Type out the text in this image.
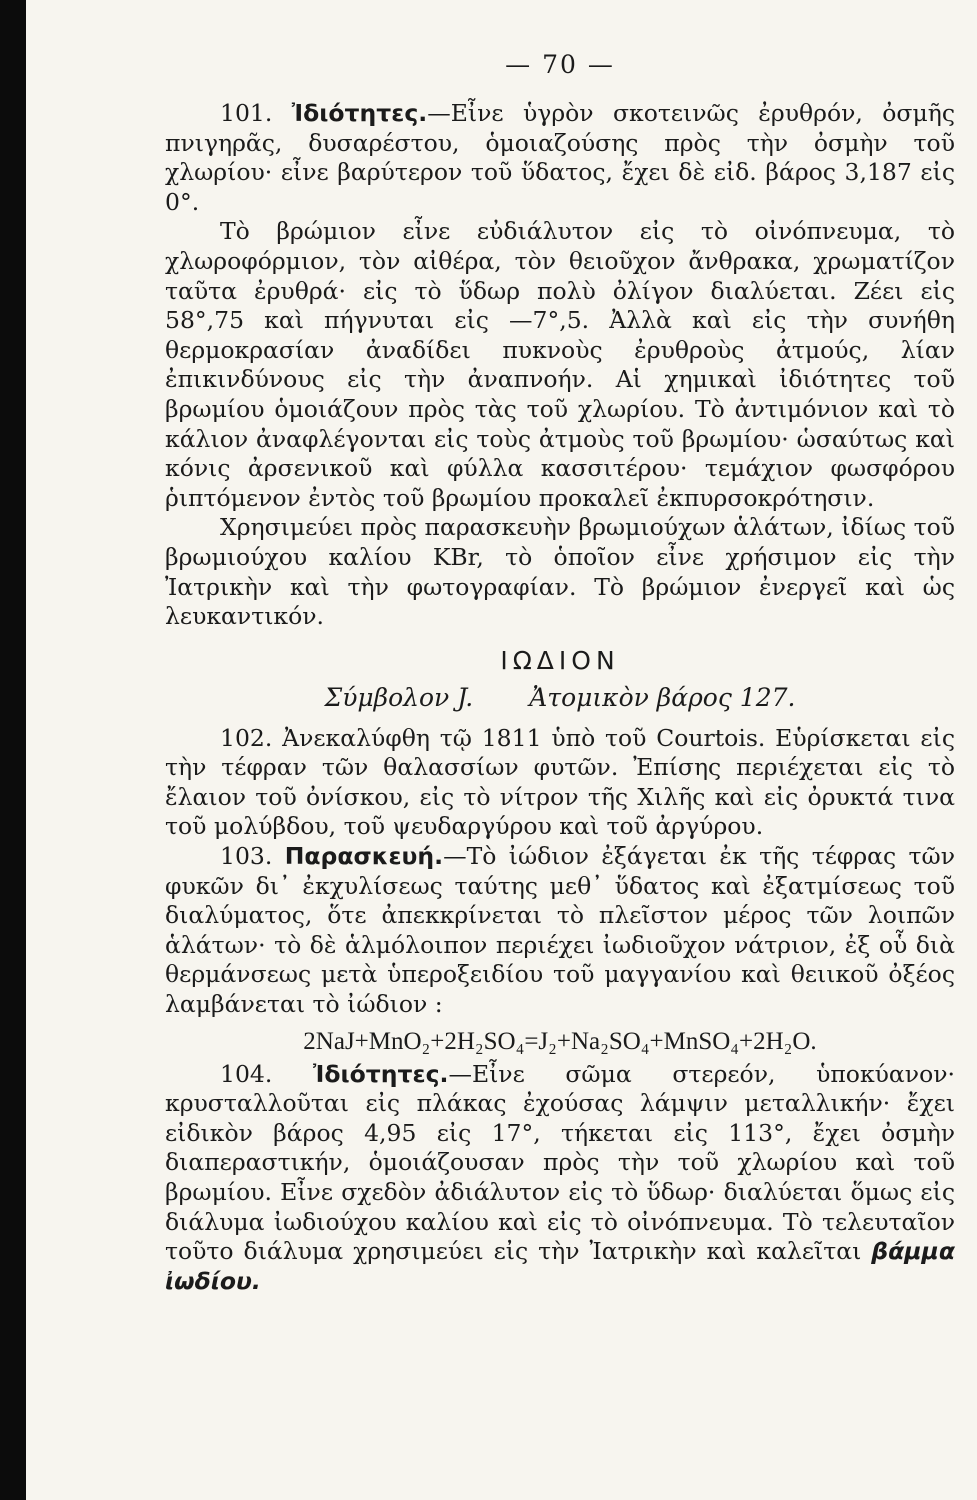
— 70 —

101. Ἰδιότητες.—Εἶνε ὑγρὸν σκοτεινῶς ἐρυθρόν, ὀσμῆς πνιγηρᾶς, δυσαρέστου, ὁμοιαζούσης πρὸς τὴν ὀσμὴν τοῦ χλωρίου· εἶνε βαρύτερον τοῦ ὕδατος, ἔχει δὲ εἰδ. βάρος 3,187 εἰς 0°.

Τὸ βρώμιον εἶνε εὐδιάλυτον εἰς τὸ οἰνόπνευμα, τὸ χλωροφόρμιον, τὸν αἰθέρα, τὸν θειοῦχον ἄνθρακα, χρωματίζον ταῦτα ἐρυθρά· εἰς τὸ ὕδωρ πολὺ ὀλίγον διαλύεται. Ζέει εἰς 58°,75 καὶ πήγνυται εἰς —7°,5. Ἀλλὰ καὶ εἰς τὴν συνήθη θερμοκρασίαν ἀναδίδει πυκνοὺς ἐρυθροὺς ἀτμούς, λίαν ἐπικινδύνους εἰς τὴν ἀναπνοήν. Αἱ χημικαὶ ἰδιότητες τοῦ βρωμίου ὁμοιάζουν πρὸς τὰς τοῦ χλωρίου. Τὸ ἀντιμόνιον καὶ τὸ κάλιον ἀναφλέγονται εἰς τοὺς ἀτμοὺς τοῦ βρωμίου· ὡσαύτως καὶ κόνις ἀρσενικοῦ καὶ φύλλα κασσιτέρου· τεμάχιον φωσφόρου ῥιπτόμενον ἐντὸς τοῦ βρωμίου προκαλεῖ ἐκπυρσοκρότησιν.

Χρησιμεύει πρὸς παρασκευὴν βρωμιούχων ἁλάτων, ἰδίως τοῦ βρωμιούχου καλίου KBr, τὸ ὁποῖον εἶνε χρήσιμον εἰς τὴν Ἰατρικὴν καὶ τὴν φωτογραφίαν. Τὸ βρώμιον ἐνεργεῖ καὶ ὡς λευκαντικόν.

ΙΩΔΙΟΝ
Σύμβολον J. Ἀτομικὸν βάρος 127.

102. Ἀνεκαλύφθη τῷ 1811 ὑπὸ τοῦ Courtois. Εὑρίσκεται εἰς τὴν τέφραν τῶν θαλασσίων φυτῶν. Ἐπίσης περιέχεται εἰς τὸ ἔλαιον τοῦ ὀνίσκου, εἰς τὸ νίτρον τῆς Χιλῆς καὶ εἰς ὀρυκτά τινα τοῦ μολύβδου, τοῦ ψευδαργύρου καὶ τοῦ ἀργύρου.

103. Παρασκευή.—Τὸ ἰώδιον ἐξάγεται ἐκ τῆς τέφρας τῶν φυκῶν δι᾿ ἐκχυλίσεως ταύτης μεθ᾿ ὕδατος καὶ ἐξατμίσεως τοῦ διαλύματος, ὅτε ἀπεκκρίνεται τὸ πλεῖστον μέρος τῶν λοιπῶν ἁλάτων· τὸ δὲ ἁλμόλοιπον περιέχει ἰωδιοῦχον νάτριον, ἐξ οὗ διὰ θερμάνσεως μετὰ ὑπεροξειδίου τοῦ μαγγανίου καὶ θειικοῦ ὀξέος λαμβάνεται τὸ ἰώδιον :

2NaJ+MnO₂+2H₂SO₄=J₂+Na₂SO₄+MnSO₄+2H₂O.

104. Ἰδιότητες.—Εἶνε σῶμα στερεόν, ὑποκύανον· κρυσταλλοῦται εἰς πλάκας ἐχούσας λάμψιν μεταλλικήν· ἔχει εἰδικὸν βάρος 4,95 εἰς 17°, τήκεται εἰς 113°, ἔχει ὀσμὴν διαπεραστικήν, ὁμοιάζουσαν πρὸς τὴν τοῦ χλωρίου καὶ τοῦ βρωμίου. Εἶνε σχεδὸν ἀδιάλυτον εἰς τὸ ὕδωρ· διαλύεται ὅμως εἰς διάλυμα ἰωδιούχου καλίου καὶ εἰς τὸ οἰνόπνευμα. Τὸ τελευταῖον τοῦτο διάλυμα χρησιμεύει εἰς τὴν Ἰατρικὴν καὶ καλεῖται βάμμα ἰωδίου.
